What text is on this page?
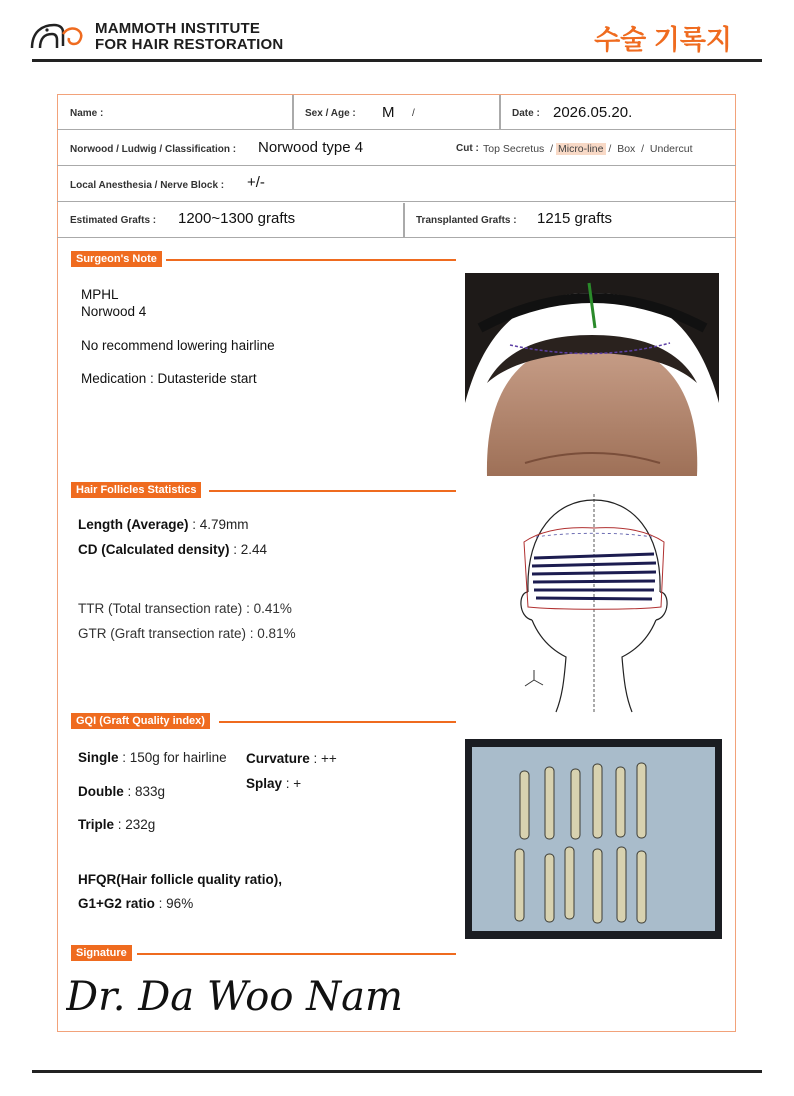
MAMMOTH INSTITUTE
FOR HAIR RESTORATION	수술 기록지
Name :	Sex / Age : M /	Date : 2026.05.20.
Norwood / Ludwig / Classification : Norwood type 4	Cut : Top Secretus / Micro-line / Box / Undercut
Local Anesthesia / Nerve Block : +/-
Estimated Grafts : 1200~1300 grafts	Transplanted Grafts : 1215 grafts
Surgeon's Note
MPHL
Norwood 4
No recommend lowering hairline
Medication : Dutasteride start
Hair Follicles Statistics
Length (Average) : 4.79mm
CD (Calculated density) : 2.44
TTR (Total transection rate) : 0.41%
GTR (Graft transection rate) : 0.81%
GQI (Graft Quality index)
Single : 150g for hairline Curvature : ++
Splay : +
Double : 833g
Triple : 232g
HFQR(Hair follicle quality ratio),
G1+G2 ratio : 96%
Signature
Dr. Da Woo Nam
